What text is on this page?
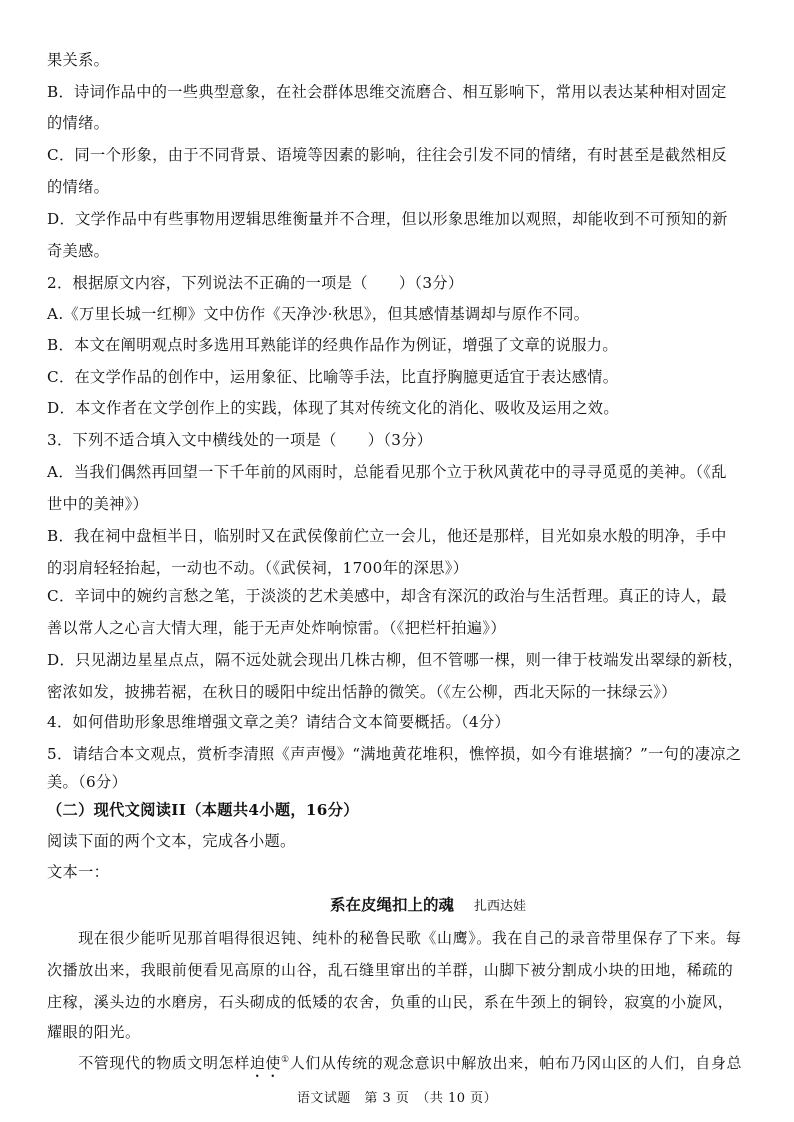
果关系。
B．诗词作品中的一些典型意象，在社会群体思维交流磨合、相互影响下，常用以表达某种相对固定
的情绪。
C．同一个形象，由于不同背景、语境等因素的影响，往往会引发不同的情绪，有时甚至是截然相反
的情绪。
D．文学作品中有些事物用逻辑思维衡量并不合理，但以形象思维加以观照，却能收到不可预知的新
奇美感。
2．根据原文内容，下列说法不正确的一项是（　　）（3分）
A.《万里长城一红柳》文中仿作《天净沙·秋思》，但其感情基调却与原作不同。
B．本文在阐明观点时多选用耳熟能详的经典作品作为例证，增强了文章的说服力。
C．在文学作品的创作中，运用象征、比喻等手法，比直抒胸臆更适宜于表达感情。
D．本文作者在文学创作上的实践，体现了其对传统文化的消化、吸收及运用之效。
3．下列不适合填入文中横线处的一项是（　　）（3分）
A．当我们偶然再回望一下千年前的风雨时，总能看见那个立于秋风黄花中的寻寻觅觅的美神。（《乱
世中的美神》）
B．我在祠中盘桓半日，临别时又在武侯像前伫立一会儿，他还是那样，目光如泉水般的明净，手中
的羽肩轻轻抬起，一动也不动。（《武侯祠，1700年的深思》）
C．辛词中的婉约言愁之笔，于淡淡的艺术美感中，却含有深沉的政治与生活哲理。真正的诗人，最
善以常人之心言大情大理，能于无声处炸响惊雷。（《把栏杆拍遍》）
D．只见湖边星星点点，隔不远处就会现出几株古柳，但不管哪一棵，则一律于枝端发出翠绿的新枝，
密浓如发，披拂若裾，在秋日的暖阳中绽出恬静的微笑。（《左公柳，西北天际的一抹绿云》）
4．如何借助形象思维增强文章之美？请结合文本简要概括。（4分）
5．请结合本文观点，赏析李清照《声声慢》“满地黄花堆积，憔悴损，如今有谁堪摘？”一句的凄凉之
美。（6分）
（二）现代文阅读II（本题共4小题，16分）
阅读下面的两个文本，完成各小题。
文本一：
系在皮绳扣上的魂 扎西达娃
　　现在很少能听见那首唱得很迟钝、纯朴的秘鲁民歌《山鹰》。我在自己的录音带里保存了下来。每
次播放出来，我眼前便看见高原的山谷，乱石缝里窜出的羊群，山脚下被分割成小块的田地，稀疏的
庄稼，溪头边的水磨房，石头砌成的低矮的农舍，负重的山民，系在牛颈上的铜铃，寂寞的小旋风，
耀眼的阳光。
　　不管现代的物质文明怎样迫使①人们从传统的观念意识中解放出来，帕布乃冈山区的人们，自身总
语文试题　第 3 页　（共 10 页）
